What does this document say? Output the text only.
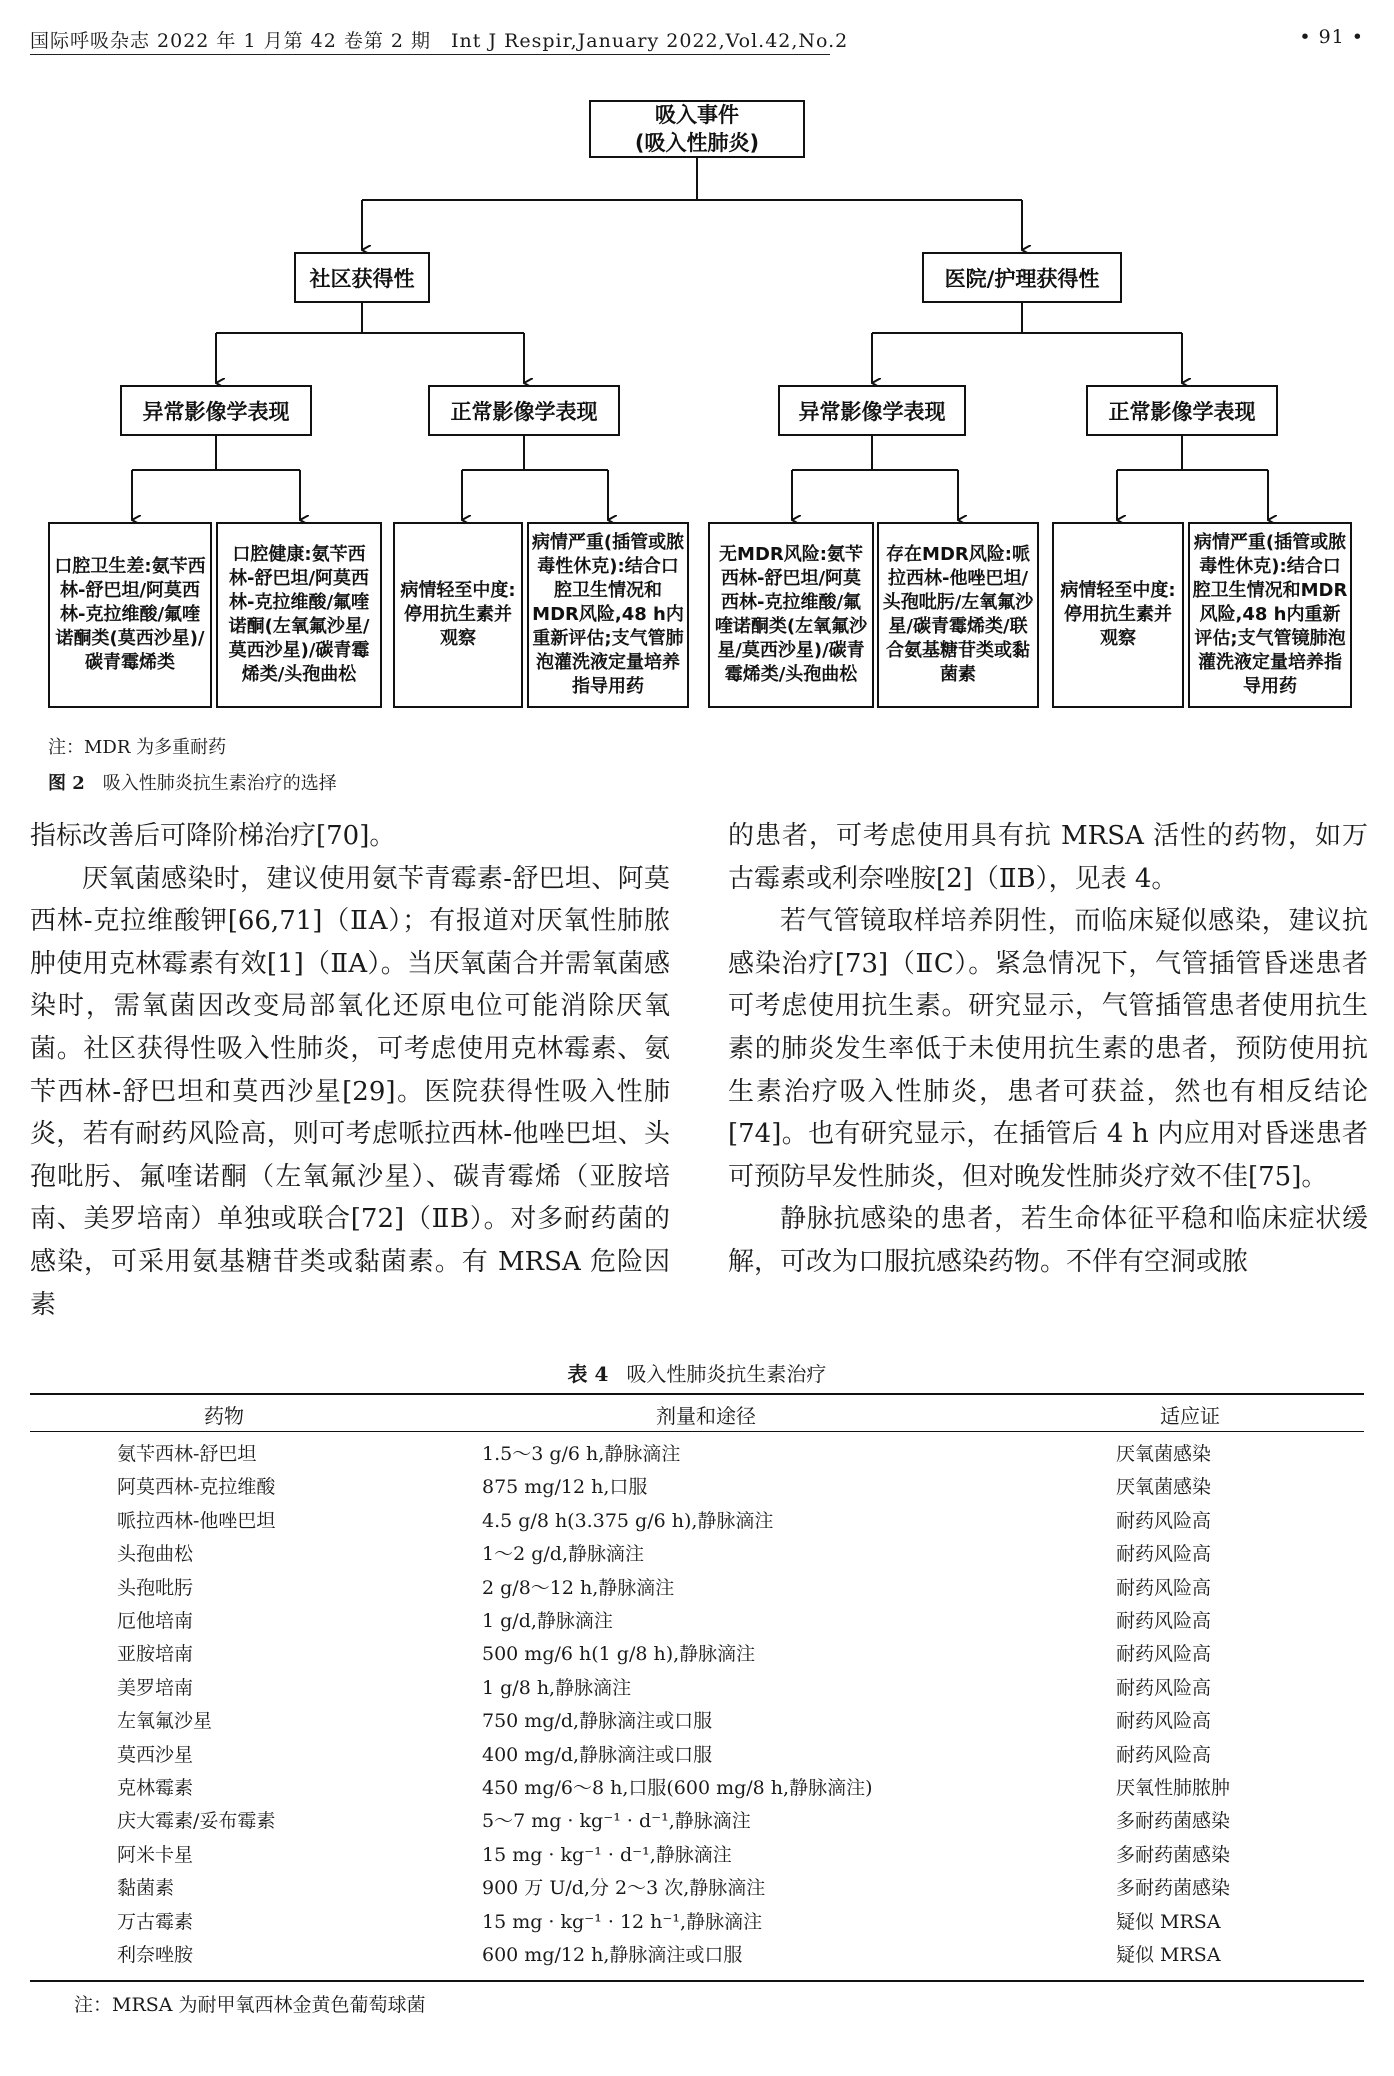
国际呼吸杂志 2022 年 1 月第 42 卷第 2 期　Int J Respir,January 2022,Vol.42,No.2	• 91 •
吸入事件
(吸入性肺炎)
社区获得性	医院/护理获得性
异常影像学表现	正常影像学表现	异常影像学表现	正常影像学表现
口腔卫生差:氨苄西林-舒巴坦/阿莫西林-克拉维酸/氟喹诺酮类(莫西沙星)/碳青霉烯类
口腔健康:氨苄西林-舒巴坦/阿莫西林-克拉维酸/氟喹诺酮(左氧氟沙星/莫西沙星)/碳青霉烯类/头孢曲松
病情轻至中度:停用抗生素并观察
病情严重(插管或脓毒性休克):结合口腔卫生情况和MDR风险,48 h内重新评估;支气管肺泡灌洗液定量培养指导用药
无MDR风险:氨苄西林-舒巴坦/阿莫西林-克拉维酸/氟喹诺酮类(左氧氟沙星/莫西沙星)/碳青霉烯类/头孢曲松
存在MDR风险:哌拉西林-他唑巴坦/头孢吡肟/左氧氟沙星/碳青霉烯类/联合氨基糖苷类或黏菌素
病情轻至中度:停用抗生素并观察
病情严重(插管或脓毒性休克):结合口腔卫生情况和MDR风险,48 h内重新评估;支气管镜肺泡灌洗液定量培养指导用药
注：MDR 为多重耐药
图 2 吸入性肺炎抗生素治疗的选择

指标改善后可降阶梯治疗[70]。

厌氧菌感染时，建议使用氨苄青霉素-舒巴坦、阿莫西林-克拉维酸钾[66,71]（ⅡA）；有报道对厌氧性肺脓肿使用克林霉素有效[1]（ⅡA）。当厌氧菌合并需氧菌感染时，需氧菌因改变局部氧化还原电位可能消除厌氧菌。社区获得性吸入性肺炎，可考虑使用克林霉素、氨苄西林-舒巴坦和莫西沙星[29]。医院获得性吸入性肺炎，若有耐药风险高，则可考虑哌拉西林-他唑巴坦、头孢吡肟、氟喹诺酮（左氧氟沙星）、碳青霉烯（亚胺培南、美罗培南）单独或联合[72]（ⅡB）。对多耐药菌的感染，可采用氨基糖苷类或黏菌素。有 MRSA 危险因素

的患者，可考虑使用具有抗 MRSA 活性的药物，如万古霉素或利奈唑胺[2]（ⅡB），见表 4。

若气管镜取样培养阴性，而临床疑似感染，建议抗感染治疗[73]（ⅡC）。紧急情况下，气管插管昏迷患者可考虑使用抗生素。研究显示，气管插管患者使用抗生素的肺炎发生率低于未使用抗生素的患者，预防使用抗生素治疗吸入性肺炎，患者可获益，然也有相反结论[74]。也有研究显示，在插管后 4 h 内应用对昏迷患者可预防早发性肺炎，但对晚发性肺炎疗效不佳[75]。

静脉抗感染的患者，若生命体征平稳和临床症状缓解，可改为口服抗感染药物。不伴有空洞或脓

表 4 吸入性肺炎抗生素治疗
药物	剂量和途径	适应证
氨苄西林-舒巴坦	1.5～3 g/6 h,静脉滴注	厌氧菌感染
阿莫西林-克拉维酸	875 mg/12 h,口服	厌氧菌感染
哌拉西林-他唑巴坦	4.5 g/8 h(3.375 g/6 h),静脉滴注	耐药风险高
头孢曲松	1～2 g/d,静脉滴注	耐药风险高
头孢吡肟	2 g/8～12 h,静脉滴注	耐药风险高
厄他培南	1 g/d,静脉滴注	耐药风险高
亚胺培南	500 mg/6 h(1 g/8 h),静脉滴注	耐药风险高
美罗培南	1 g/8 h,静脉滴注	耐药风险高
左氧氟沙星	750 mg/d,静脉滴注或口服	耐药风险高
莫西沙星	400 mg/d,静脉滴注或口服	耐药风险高
克林霉素	450 mg/6～8 h,口服(600 mg/8 h,静脉滴注)	厌氧性肺脓肿
庆大霉素/妥布霉素	5～7 mg · kg⁻¹ · d⁻¹,静脉滴注	多耐药菌感染
阿米卡星	15 mg · kg⁻¹ · d⁻¹,静脉滴注	多耐药菌感染
黏菌素	900 万 U/d,分 2～3 次,静脉滴注	多耐药菌感染
万古霉素	15 mg · kg⁻¹ · 12 h⁻¹,静脉滴注	疑似 MRSA
利奈唑胺	600 mg/12 h,静脉滴注或口服	疑似 MRSA
注：MRSA 为耐甲氧西林金黄色葡萄球菌
